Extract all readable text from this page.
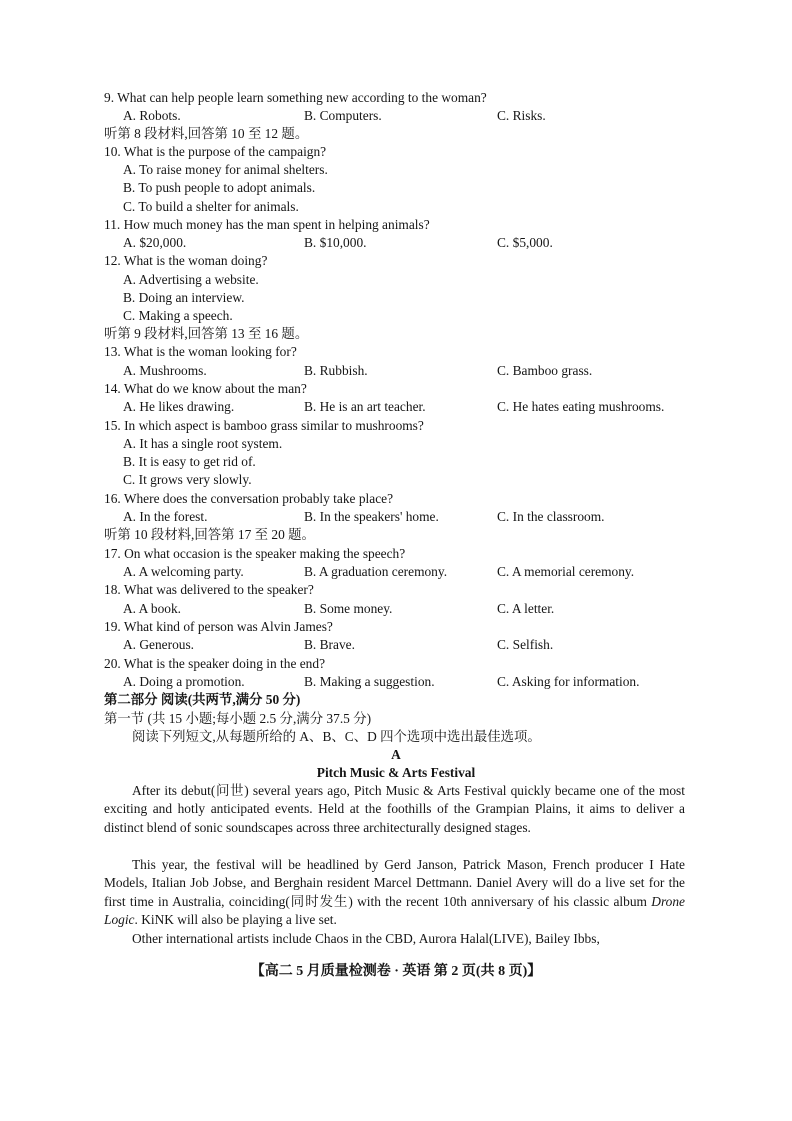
9. What can help people learn something new according to the woman?
A. Robots.	B. Computers.	C. Risks.
听第 8 段材料,回答第 10 至 12 题。
10. What is the purpose of the campaign?
A. To raise money for animal shelters.
B. To push people to adopt animals.
C. To build a shelter for animals.
11. How much money has the man spent in helping animals?
A. $20,000.	B. $10,000.	C. $5,000.
12. What is the woman doing?
A. Advertising a website.
B. Doing an interview.
C. Making a speech.
听第 9 段材料,回答第 13 至 16 题。
13. What is the woman looking for?
A. Mushrooms.	B. Rubbish.	C. Bamboo grass.
14. What do we know about the man?
A. He likes drawing.	B. He is an art teacher.	C. He hates eating mushrooms.
15. In which aspect is bamboo grass similar to mushrooms?
A. It has a single root system.
B. It is easy to get rid of.
C. It grows very slowly.
16. Where does the conversation probably take place?
A. In the forest.	B. In the speakers' home.	C. In the classroom.
听第 10 段材料,回答第 17 至 20 题。
17. On what occasion is the speaker making the speech?
A. A welcoming party.	B. A graduation ceremony.	C. A memorial ceremony.
18. What was delivered to the speaker?
A. A book.	B. Some money.	C. A letter.
19. What kind of person was Alvin James?
A. Generous.	B. Brave.	C. Selfish.
20. What is the speaker doing in the end?
A. Doing a promotion.	B. Making a suggestion.	C. Asking for information.
第二部分 阅读(共两节,满分 50 分)
第一节 (共 15 小题;每小题 2.5 分,满分 37.5 分)
阅读下列短文,从每题所给的 A、B、C、D 四个选项中选出最佳选项。
A
Pitch Music & Arts Festival
After its debut(问世) several years ago, Pitch Music & Arts Festival quickly became one of the most exciting and hotly anticipated events. Held at the foothills of the Grampian Plains, it aims to deliver a distinct blend of sonic soundscapes across three architecturally designed stages.
This year, the festival will be headlined by Gerd Janson, Patrick Mason, French producer I Hate Models, Italian Job Jobse, and Berghain resident Marcel Dettmann. Daniel Avery will do a live set for the first time in Australia, coinciding(同时发生) with the recent 10th anniversary of his classic album Drone Logic. KiNK will also be playing a live set.
Other international artists include Chaos in the CBD, Aurora Halal(LIVE), Bailey Ibbs,
【高二 5 月质量检测卷 · 英语 第 2 页(共 8 页)】
